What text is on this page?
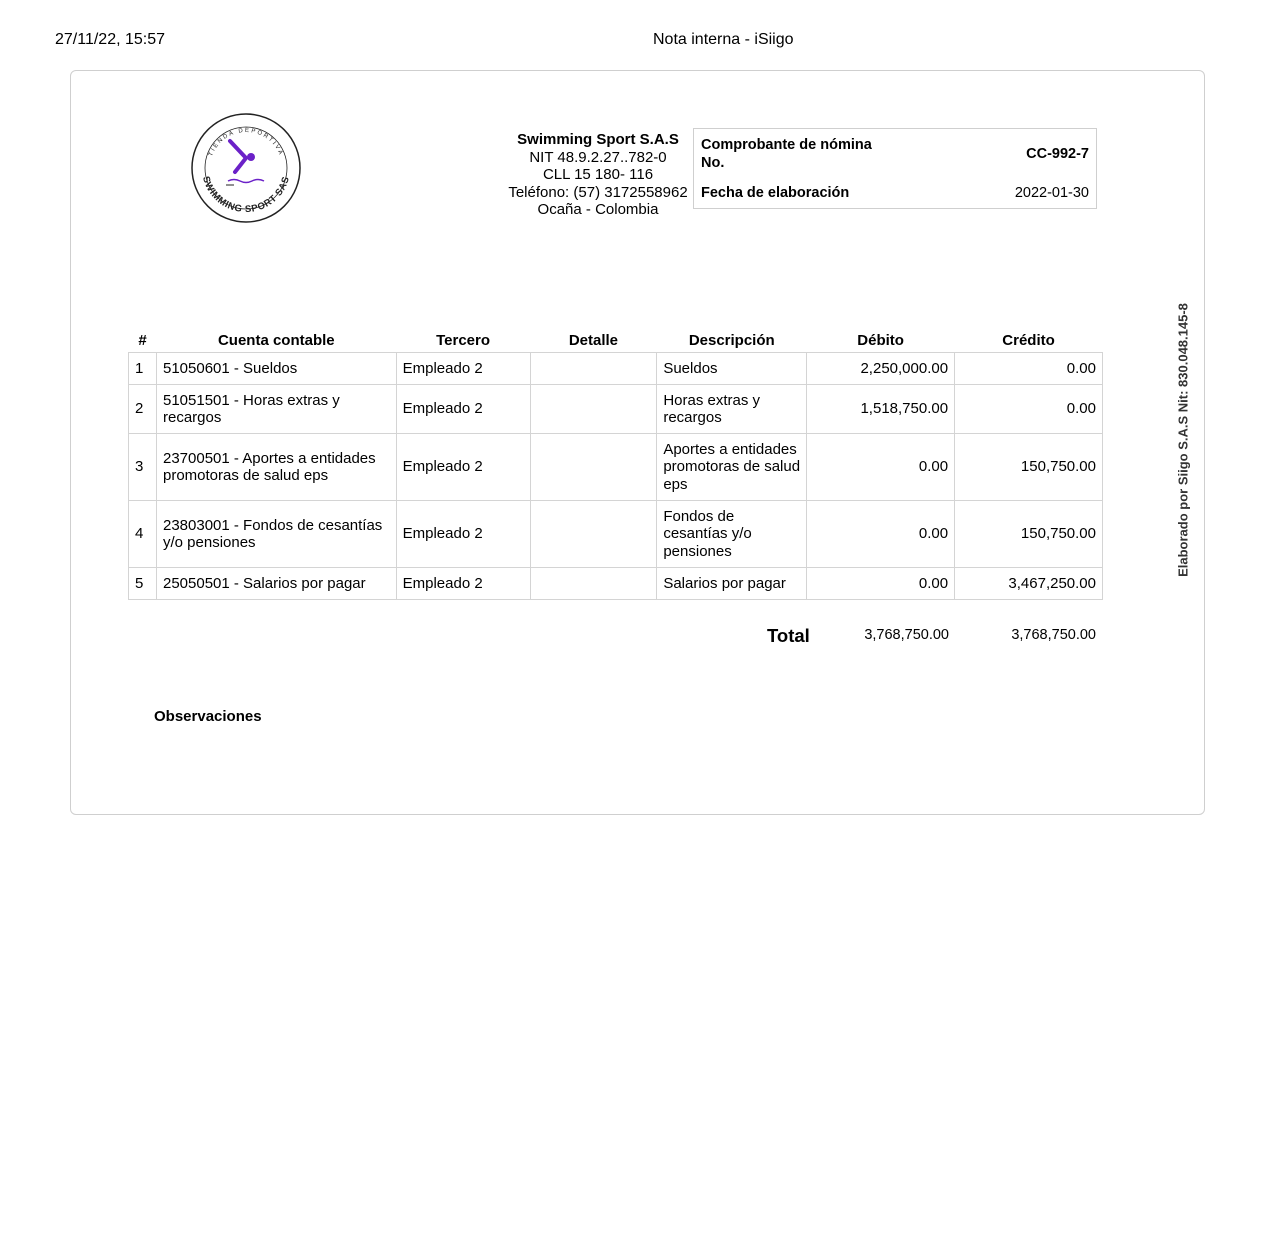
27/11/22, 15:57	Nota interna - iSiigo
TIENDA DEPORTIVA
SWIMMING SPORT SAS
Swimming Sport S.A.S
NIT 48.9.2.27..782-0
CLL 15 180- 116
Teléfono: (57) 3172558962
Ocaña - Colombia
Comprobante de nómina
No.
CC-992-7
Fecha de elaboración	2022-01-30
Elaborado por Siigo S.A.S Nit: 830.048.145-8
#	Cuenta contable	Tercero	Detalle	Descripción	Débito	Crédito
1	51050601 - Sueldos	Empleado 2		Sueldos	2,250,000.00	0.00
2	51051501 - Horas extras y recargos	Empleado 2		Horas extras y recargos	1,518,750.00	0.00
3	23700501 - Aportes a entidades promotoras de salud eps	Empleado 2		Aportes a entidades promotoras de salud eps	0.00	150,750.00
4	23803001 - Fondos de cesantías y/o pensiones	Empleado 2		Fondos de cesantías y/o pensiones	0.00	150,750.00
5	25050501 - Salarios por pagar	Empleado 2		Salarios por pagar	0.00	3,467,250.00
Total	3,768,750.00	3,768,750.00
Observaciones
